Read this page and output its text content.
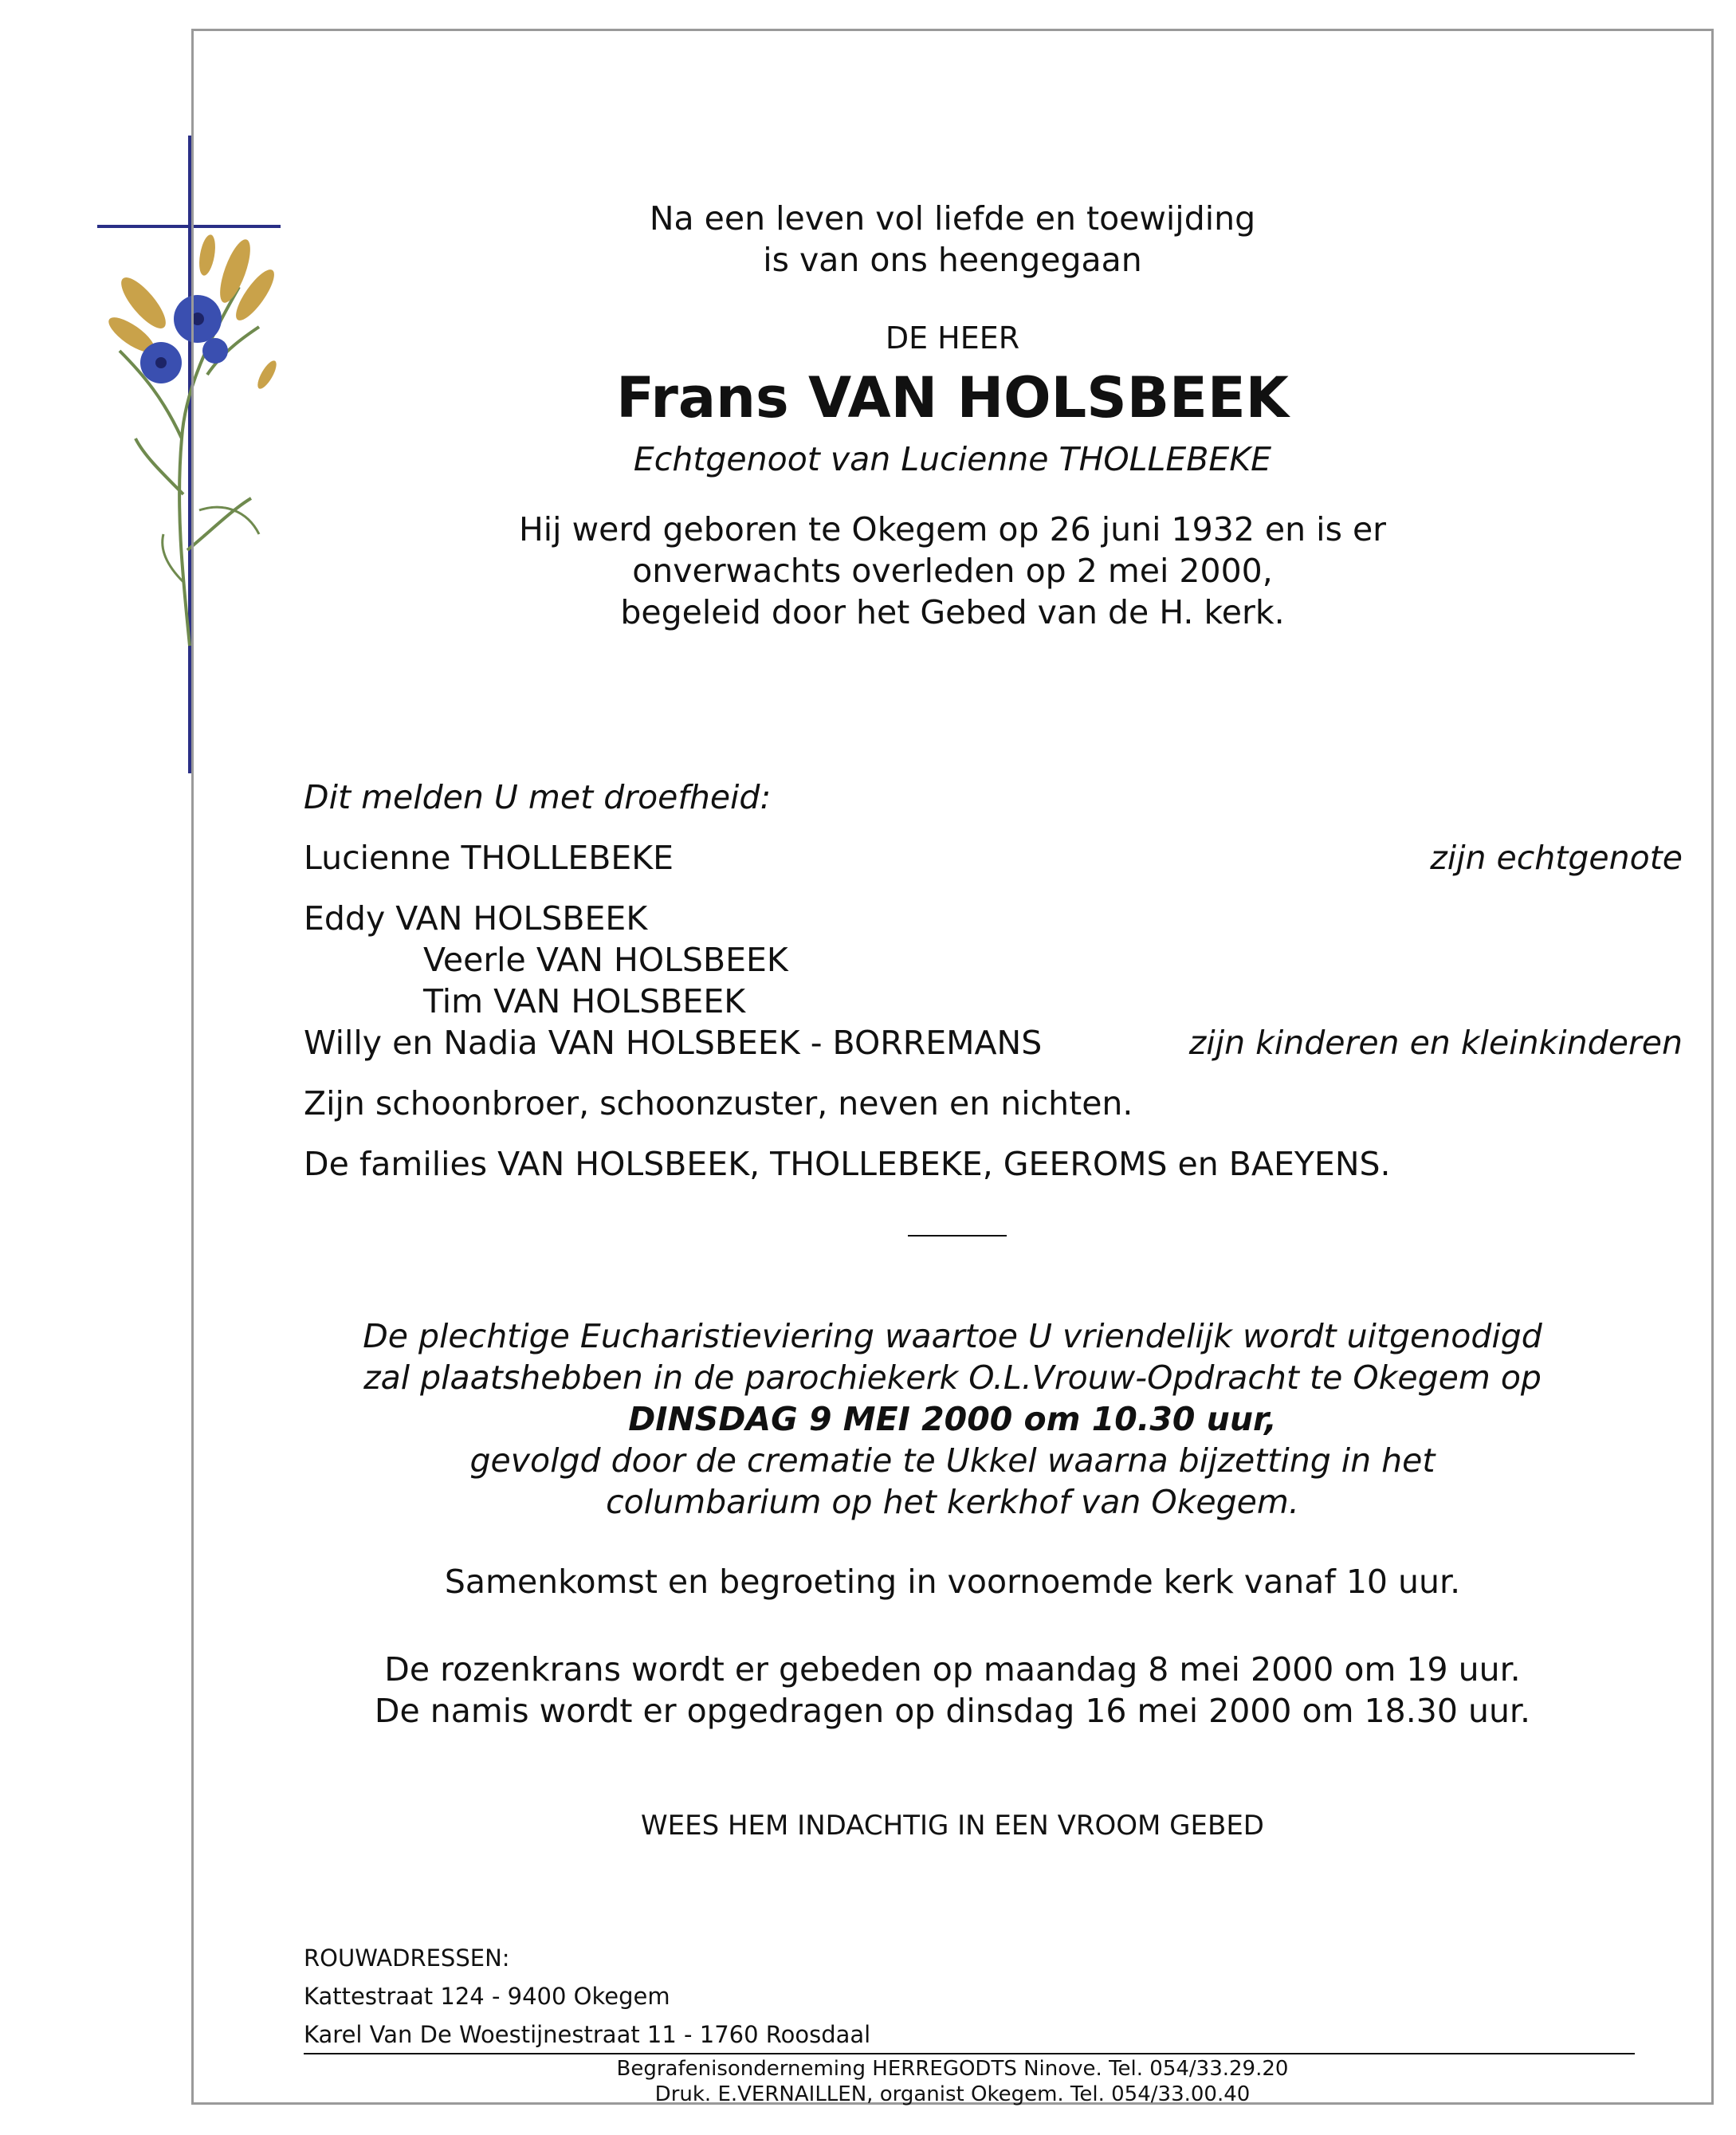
Na een leven vol liefde en toewijding

is van ons heengegaan

DE HEER

Frans VAN HOLSBEEK

Echtgenoot van Lucienne THOLLEBEKE

Hij werd geboren te Okegem op 26 juni 1932 en is er

onverwachts overleden op 2 mei 2000,

begeleid door het Gebed van de H. kerk.

Dit melden U met droefheid:

Lucienne THOLLEBEKE	zijn echtgenote

Eddy VAN HOLSBEEK

Veerle VAN HOLSBEEK

Tim VAN HOLSBEEK

Willy en Nadia VAN HOLSBEEK - BORREMANS	zijn kinderen en kleinkinderen

Zijn schoonbroer, schoonzuster, neven en nichten.

De families VAN HOLSBEEK, THOLLEBEKE, GEEROMS en BAEYENS.

De plechtige Eucharistieviering waartoe U vriendelijk wordt uitgenodigd

zal plaatshebben in de parochiekerk O.L.Vrouw-Opdracht te Okegem op

DINSDAG 9 MEI 2000 om 10.30 uur,

gevolgd door de crematie te Ukkel waarna bijzetting in het

columbarium op het kerkhof van Okegem.

Samenkomst en begroeting in voornoemde kerk vanaf 10 uur.

De rozenkrans wordt er gebeden op maandag 8 mei 2000 om 19 uur.

De namis wordt er opgedragen op dinsdag 16 mei 2000 om 18.30 uur.

WEES HEM INDACHTIG IN EEN VROOM GEBED

ROUWADRESSEN:

Kattestraat 124 - 9400 Okegem

Karel Van De Woestijnestraat 11 - 1760 Roosdaal

Begrafenisonderneming HERREGODTS Ninove. Tel. 054/33.29.20

Druk. E.VERNAILLEN, organist Okegem. Tel. 054/33.00.40
